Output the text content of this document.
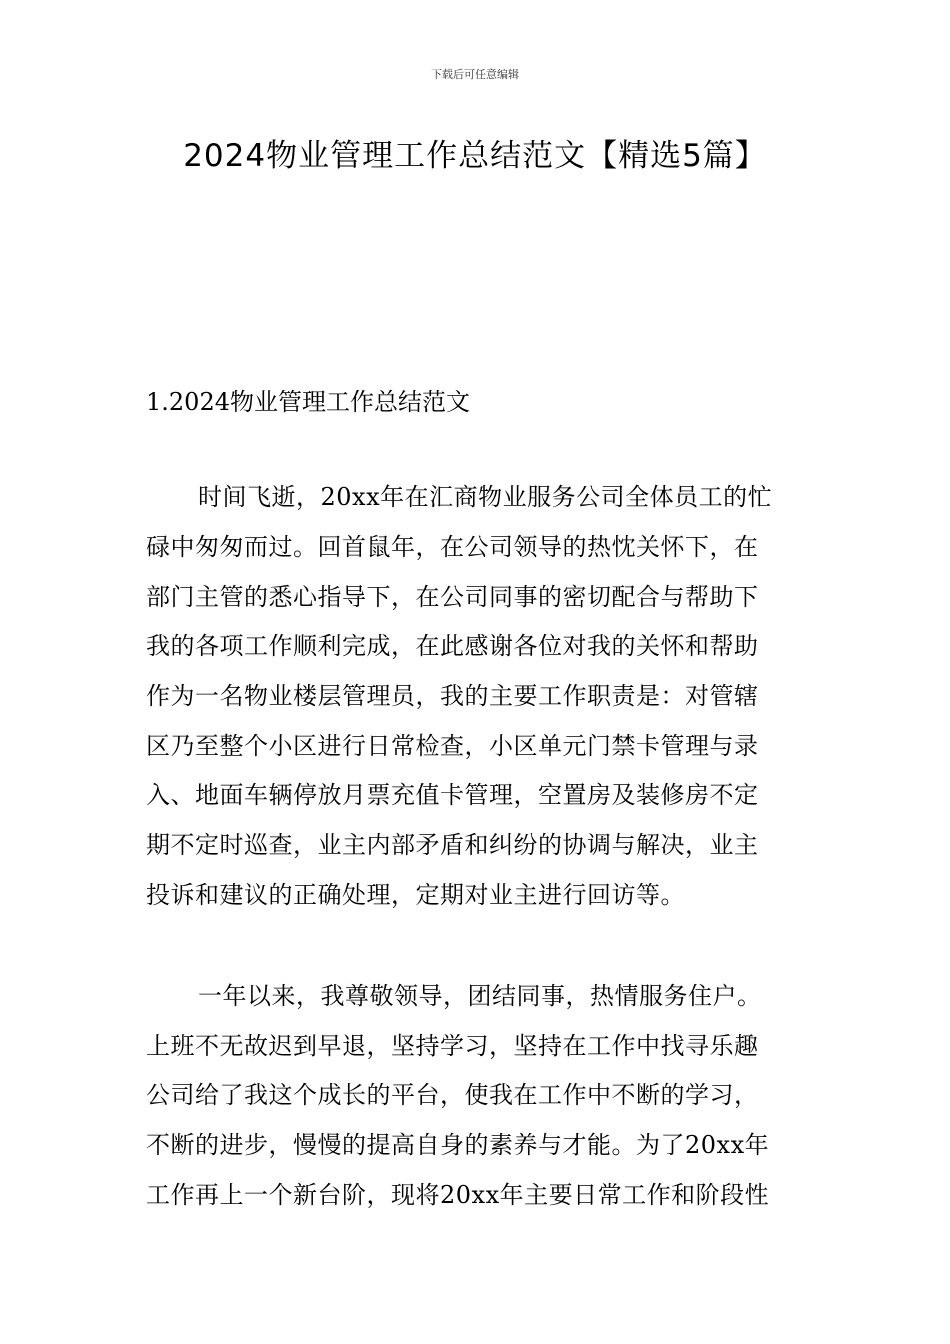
下载后可任意编辑
2024物业管理工作总结范文【精选5篇】
1.2024物业管理工作总结范文
时间飞逝，20xx年在汇商物业服务公司全体员工的忙
碌中匆匆而过。回首鼠年，在公司领导的热忱关怀下，在
部门主管的悉心指导下，在公司同事的密切配合与帮助下
我的各项工作顺利完成，在此感谢各位对我的关怀和帮助
作为一名物业楼层管理员，我的主要工作职责是：对管辖
区乃至整个小区进行日常检查，小区单元门禁卡管理与录
入、地面车辆停放月票充值卡管理，空置房及装修房不定
期不定时巡查，业主内部矛盾和纠纷的协调与解决，业主
投诉和建议的正确处理，定期对业主进行回访等。
一年以来，我尊敬领导，团结同事，热情服务住户。
上班不无故迟到早退，坚持学习，坚持在工作中找寻乐趣
公司给了我这个成长的平台，使我在工作中不断的学习，
不断的进步，慢慢的提高自身的素养与才能。为了20xx年
工作再上一个新台阶，现将20xx年主要日常工作和阶段性
